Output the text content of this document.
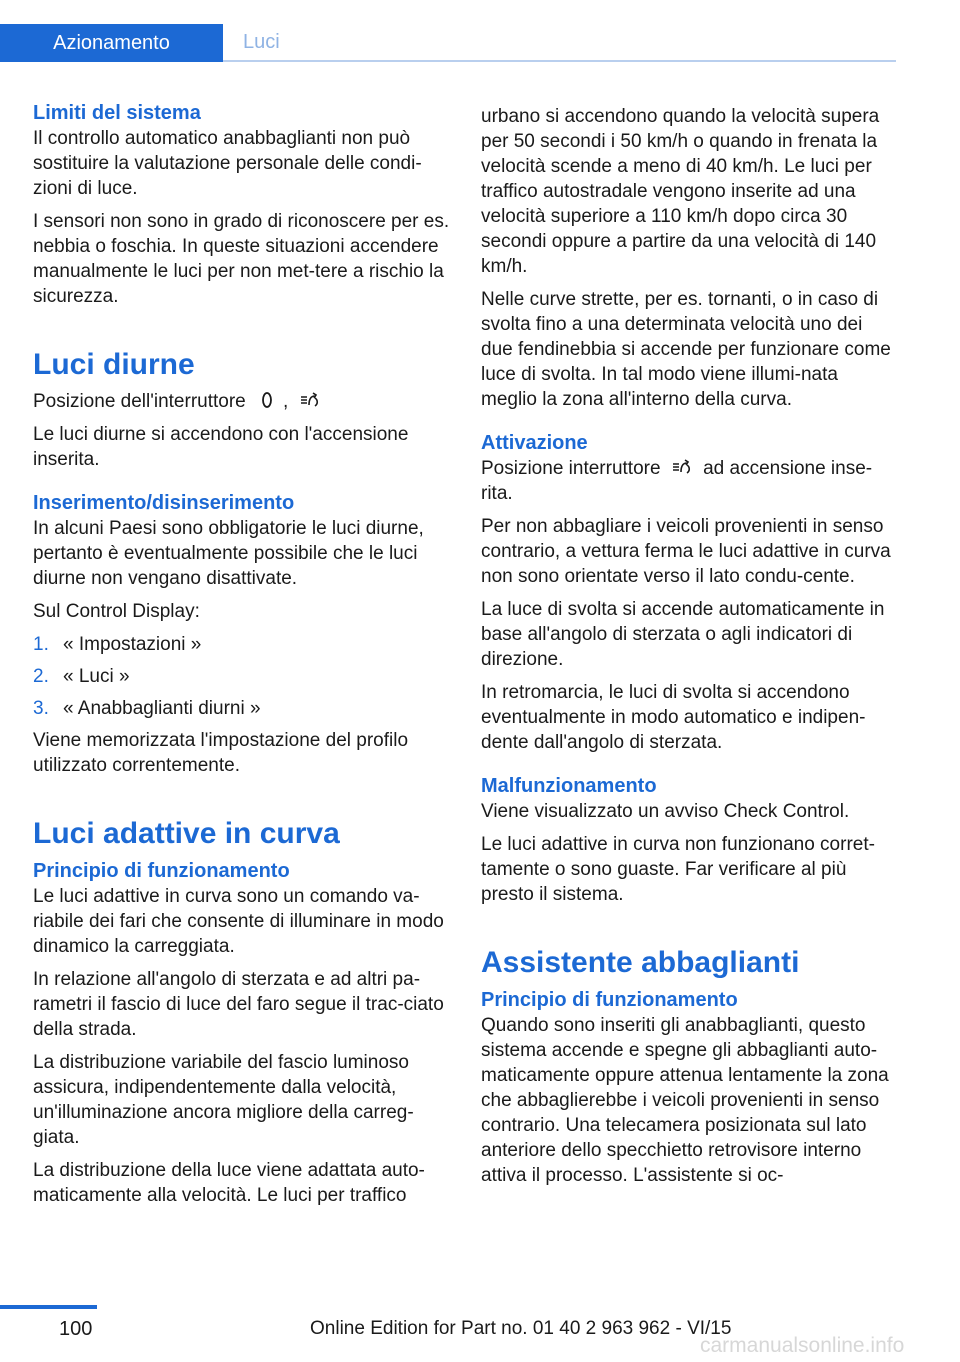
Azionamento	Luci
Limiti del sistema

Il controllo automatico anabbaglianti non può sostituire la valutazione personale delle condi-zioni di luce.

I sensori non sono in grado di riconoscere per es. nebbia o foschia. In queste situazioni accendere manualmente le luci per non met-tere a rischio la sicurezza.

Luci diurne

Posizione dell'interruttore ,

Le luci diurne si accendono con l'accensione inserita.

Inserimento/disinserimento

In alcuni Paesi sono obbligatorie le luci diurne, pertanto è eventualmente possibile che le luci diurne non vengano disattivate.

Sul Control Display:

1. « Impostazioni »
2. « Luci »
3. « Anabbaglianti diurni »

Viene memorizzata l'impostazione del profilo utilizzato correntemente.

Luci adattive in curva
Principio di funzionamento

Le luci adattive in curva sono un comando va-riabile dei fari che consente di illuminare in modo dinamico la carreggiata.

In relazione all'angolo di sterzata e ad altri pa-rametri il fascio di luce del faro segue il trac-ciato della strada.

La distribuzione variabile del fascio luminoso assicura, indipendentemente dalla velocità, un'illuminazione ancora migliore della carreg-giata.

La distribuzione della luce viene adattata auto-maticamente alla velocità. Le luci per traffico

urbano si accendono quando la velocità supera per 50 secondi i 50 km/h o quando in frenata la velocità scende a meno di 40 km/h. Le luci per traffico autostradale vengono inserite ad una velocità superiore a 110 km/h dopo circa 30 secondi oppure a partire da una velocità di 140 km/h.

Nelle curve strette, per es. tornanti, o in caso di svolta fino a una determinata velocità uno dei due fendinebbia si accende per funzionare come luce di svolta. In tal modo viene illumi-nata meglio la zona all'interno della curva.

Attivazione

Posizione interruttore ad accensione inse-rita.

Per non abbagliare i veicoli provenienti in senso contrario, a vettura ferma le luci adattive in curva non sono orientate verso il lato condu-cente.

La luce di svolta si accende automaticamente in base all'angolo di sterzata o agli indicatori di direzione.

In retromarcia, le luci di svolta si accendono eventualmente in modo automatico e indipen-dente dall'angolo di sterzata.

Malfunzionamento

Viene visualizzato un avviso Check Control.

Le luci adattive in curva non funzionano corret-tamente o sono guaste. Far verificare al più presto il sistema.

Assistente abbaglianti
Principio di funzionamento

Quando sono inseriti gli anabbaglianti, questo sistema accende e spegne gli abbaglianti auto-maticamente oppure attenua lentamente la zona che abbaglierebbe i veicoli provenienti in senso contrario. Una telecamera posizionata sul lato anteriore dello specchietto retrovisore interno attiva il processo. L'assistente si oc-

100	Online Edition for Part no. 01 40 2 963 962 - VI/15
carmanualsonline.info
